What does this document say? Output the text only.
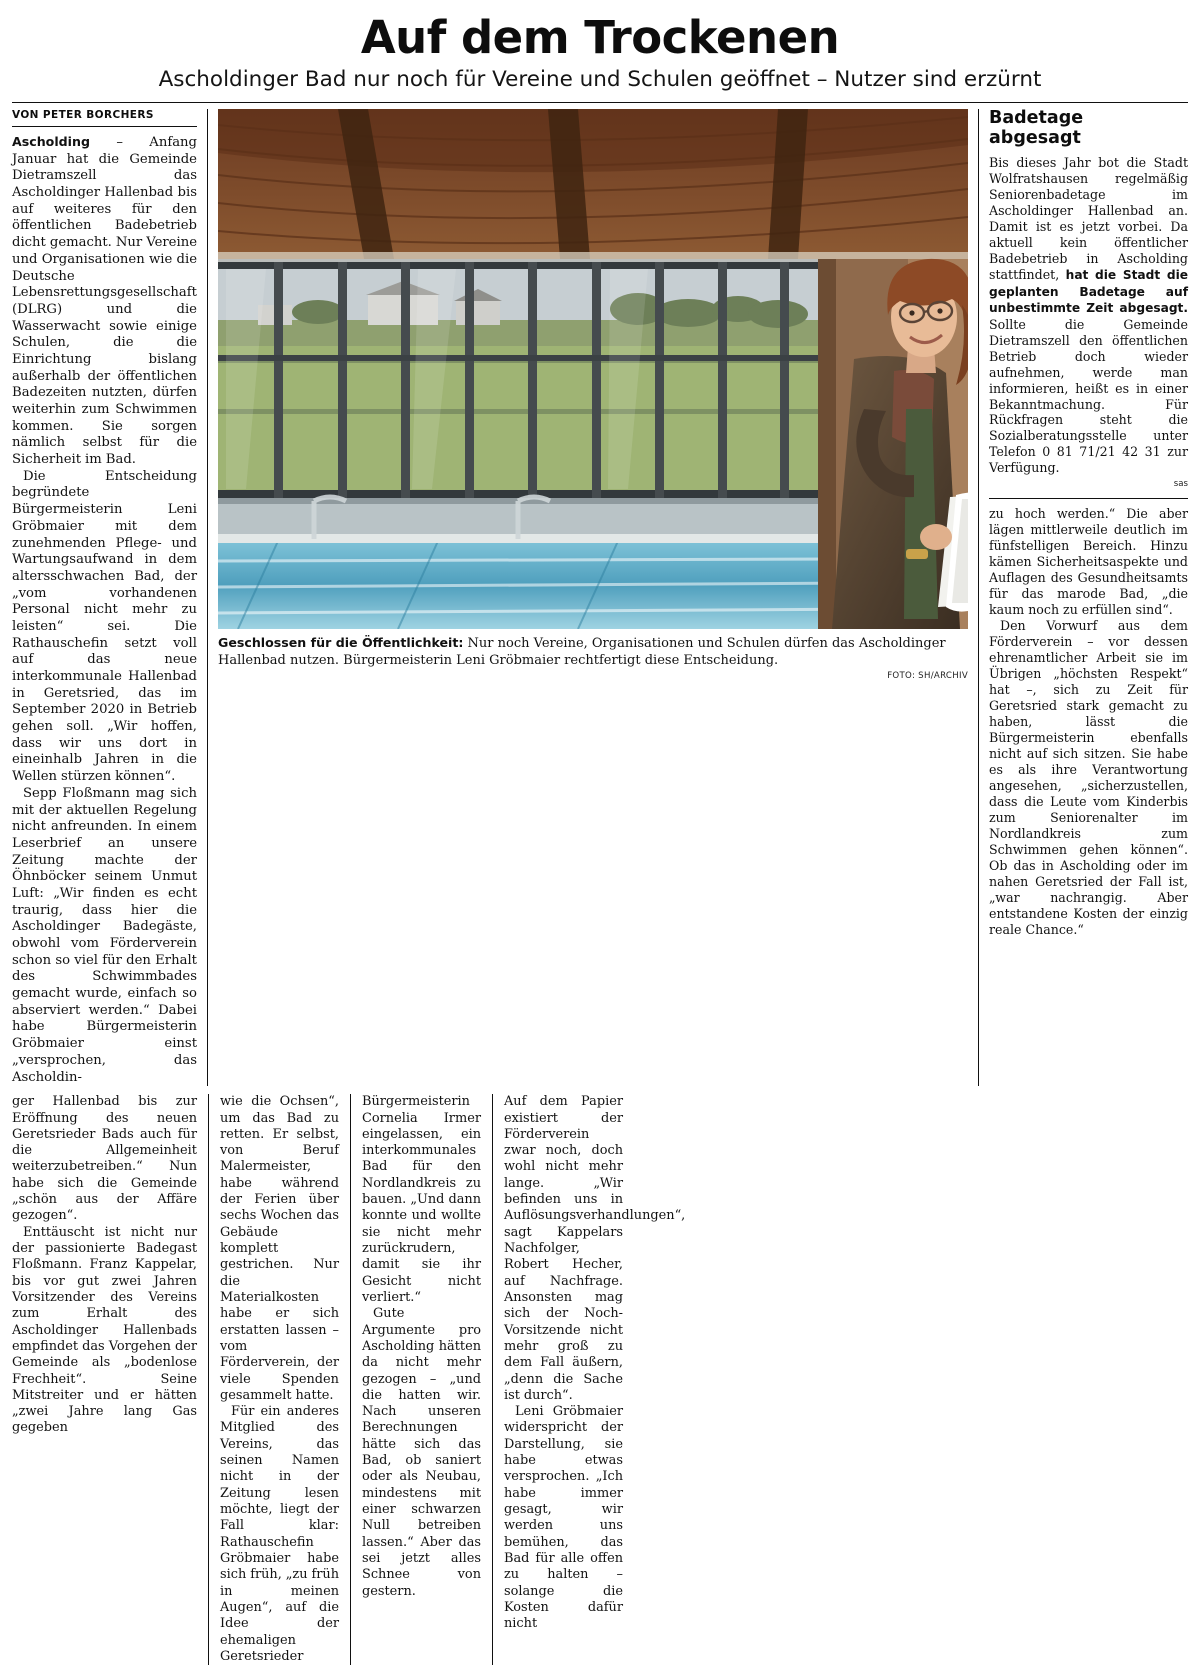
Auf dem Trockenen
Ascholdinger Bad nur noch für Vereine und Schulen geöffnet – Nutzer sind erzürnt
VON PETER BORCHERS

Ascholding – Anfang Januar hat die Gemeinde Dietramszell das Ascholdinger Hallenbad bis auf weiteres für den öffentlichen Badebetrieb dicht gemacht. Nur Vereine und Organisationen wie die Deutsche Lebensrettungsgesellschaft (DLRG) und die Wasserwacht sowie einige Schulen, die die Einrichtung bislang außerhalb der öffentlichen Badezeiten nutzten, dürfen weiterhin zum Schwimmen kommen. Sie sorgen nämlich selbst für die Sicherheit im Bad.

Die Entscheidung begründete Bürgermeisterin Leni Gröbmaier mit dem zunehmenden Pflege- und Wartungsaufwand in dem altersschwachen Bad, der „vom vorhandenen Personal nicht mehr zu leisten“ sei. Die Rathauschefin setzt voll auf das neue interkommunale Hallenbad in Geretsried, das im September 2020 in Betrieb gehen soll. „Wir hoffen, dass wir uns dort in eineinhalb Jahren in die Wellen stürzen können“.

Sepp Floßmann mag sich mit der aktuellen Regelung nicht anfreunden. In einem Leserbrief an unsere Zeitung machte der Öhnböcker seinem Unmut Luft: „Wir finden es echt traurig, dass hier die Ascholdinger Badegäste, obwohl vom Förderverein schon so viel für den Erhalt des Schwimmbades gemacht wurde, einfach so abserviert werden.“ Dabei habe Bürgermeisterin Gröbmaier einst „versprochen, das Ascholdin-

Geschlossen für die Öffentlichkeit: Nur noch Vereine, Organisationen und Schulen dürfen das Ascholdinger Hallenbad nutzen. Bürgermeisterin Leni Gröbmaier rechtfertigt diese Entscheidung.
FOTO: SH/ARCHIV
Badetage
abgesagt

Bis dieses Jahr bot die Stadt Wolfratshausen regelmäßig Seniorenbadetage im Ascholdinger Hallenbad an. Damit ist es jetzt vorbei. Da aktuell kein öffentlicher Badebetrieb in Ascholding stattfindet, hat die Stadt die geplanten Badetage auf unbestimmte Zeit abgesagt. Sollte die Gemeinde Dietramszell den öffentlichen Betrieb doch wieder aufnehmen, werde man informieren, heißt es in einer Bekanntmachung. Für Rückfragen steht die Sozialberatungsstelle unter Telefon 0 81 71/21 42 31 zur Verfügung.

sas

zu hoch werden.“ Die aber lägen mittlerweile deutlich im fünfstelligen Bereich. Hinzu kämen Sicherheitsaspekte und Auflagen des Gesundheitsamts für das marode Bad, „die kaum noch zu erfüllen sind“.

Den Vorwurf aus dem Förderverein – vor dessen ehrenamtlicher Arbeit sie im Übrigen „höchsten Respekt“ hat –, sich zu Zeit für Geretsried stark gemacht zu haben, lässt die Bürgermeisterin ebenfalls nicht auf sich sitzen. Sie habe es als ihre Verantwortung angesehen, „sicherzustellen, dass die Leute vom Kinderbis zum Seniorenalter im Nordlandkreis zum Schwimmen gehen können“. Ob das in Ascholding oder im nahen Geretsried der Fall ist, „war nachrangig. Aber entstandene Kosten der einzig reale Chance.“

ger Hallenbad bis zur Eröffnung des neuen Geretsrieder Bads auch für die Allgemeinheit weiterzubetreiben.“ Nun habe sich die Gemeinde „schön aus der Affäre gezogen“.

Enttäuscht ist nicht nur der passionierte Badegast Floßmann. Franz Kappelar, bis vor gut zwei Jahren Vorsitzender des Vereins zum Erhalt des Ascholdinger Hallenbads empfindet das Vorgehen der Gemeinde als „bodenlose Frechheit“. Seine Mitstreiter und er hätten „zwei Jahre lang Gas gegeben

wie die Ochsen“, um das Bad zu retten. Er selbst, von Beruf Malermeister, habe während der Ferien über sechs Wochen das Gebäude komplett gestrichen. Nur die Materialkosten habe er sich erstatten lassen – vom Förderverein, der viele Spenden gesammelt hatte.

Für ein anderes Mitglied des Vereins, das seinen Namen nicht in der Zeitung lesen möchte, liegt der Fall klar: Rathauschefin Gröbmaier habe sich früh, „zu früh in meinen Augen“, auf die Idee der ehemaligen Geretsrieder

Bürgermeisterin Cornelia Irmer eingelassen, ein interkommunales Bad für den Nordlandkreis zu bauen. „Und dann konnte und wollte sie nicht mehr zurückrudern, damit sie ihr Gesicht nicht verliert.“

Gute Argumente pro Ascholding hätten da nicht mehr gezogen – „und die hatten wir. Nach unseren Berechnungen hätte sich das Bad, ob saniert oder als Neubau, mindestens mit einer schwarzen Null betreiben lassen.“ Aber das sei jetzt alles Schnee von gestern.

Auf dem Papier existiert der Förderverein zwar noch, doch wohl nicht mehr lange. „Wir befinden uns in Auflösungsverhandlungen“, sagt Kappelars Nachfolger, Robert Hecher, auf Nachfrage. Ansonsten mag sich der Noch-Vorsitzende nicht mehr groß zu dem Fall äußern, „denn die Sache ist durch“.

Leni Gröbmaier widerspricht der Darstellung, sie habe etwas versprochen. „Ich habe immer gesagt, wir werden uns bemühen, das Bad für alle offen zu halten – solange die Kosten dafür nicht
